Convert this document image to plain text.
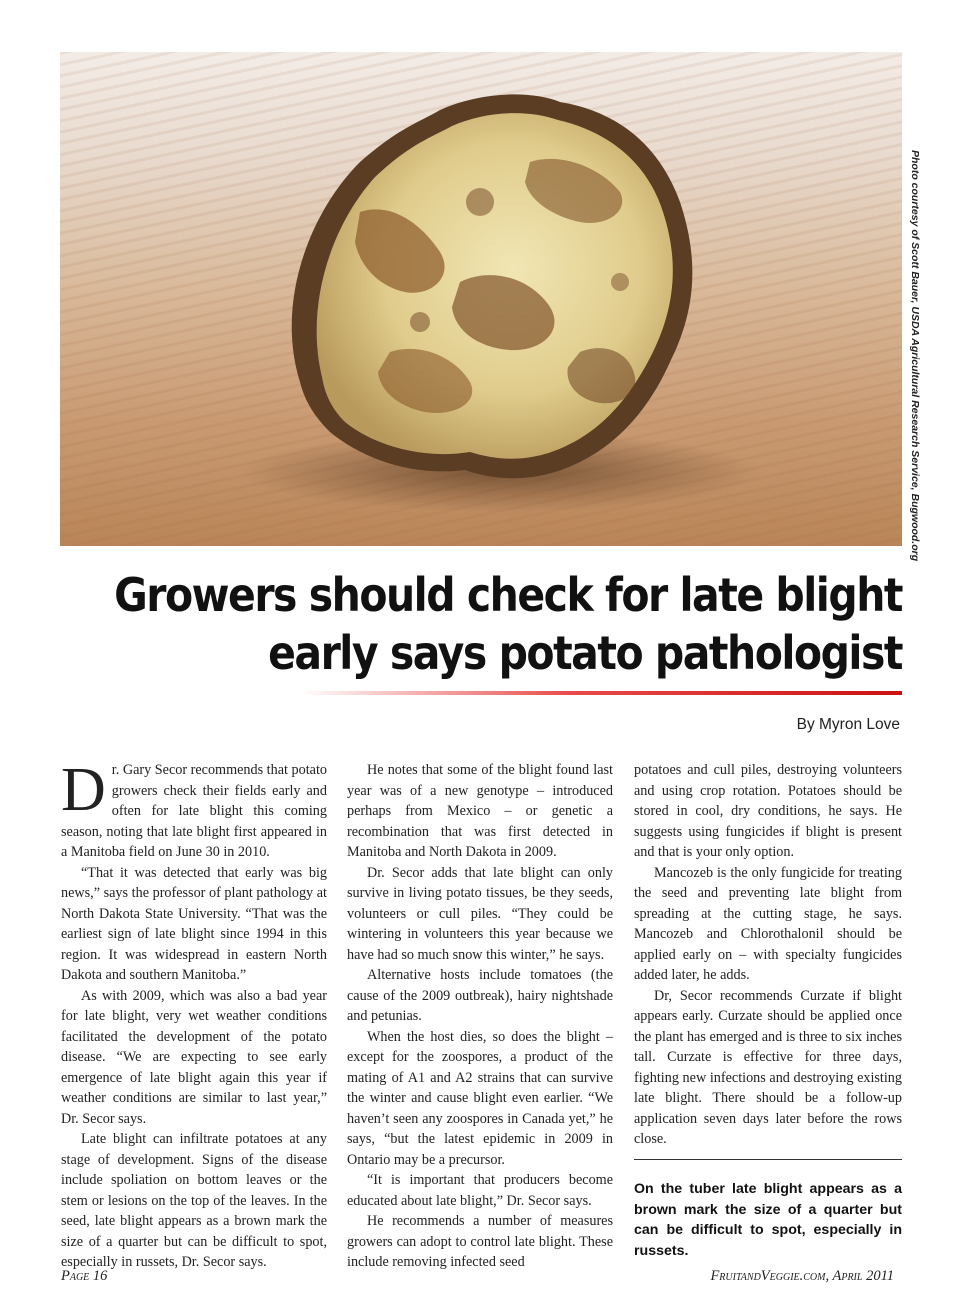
Photo courtesy of Scott Bauer, USDA Agricultural Research Service, Bugwood.org
Growers should check for late blight
early says potato pathologist
By Myron Love

Dr. Gary Secor recommends that potato growers check their fields early and often for late blight this coming season, noting that late blight first appeared in a Manitoba field on June 30 in 2010.

“That it was detected that early was big news,” says the professor of plant pathology at North Dakota State University. “That was the earliest sign of late blight since 1994 in this region. It was widespread in eastern North Dakota and southern Manitoba.”

As with 2009, which was also a bad year for late blight, very wet weather conditions facilitated the development of the potato disease. “We are expecting to see early emergence of late blight again this year if weather conditions are similar to last year,” Dr. Secor says.

Late blight can infiltrate potatoes at any stage of development. Signs of the disease include spoliation on bottom leaves or the stem or lesions on the top of the leaves. In the seed, late blight appears as a brown mark the size of a quarter but can be difficult to spot, especially in russets, Dr. Secor says.

He notes that some of the blight found last year was of a new genotype – introduced perhaps from Mexico – or genetic a recombination that was first detected in Manitoba and North Dakota in 2009.

Dr. Secor adds that late blight can only survive in living potato tissues, be they seeds, volunteers or cull piles. “They could be wintering in volunteers this year because we have had so much snow this winter,” he says.

Alternative hosts include tomatoes (the cause of the 2009 outbreak), hairy nightshade and petunias.

When the host dies, so does the blight – except for the zoospores, a product of the mating of A1 and A2 strains that can survive the winter and cause blight even earlier. “We haven’t seen any zoospores in Canada yet,” he says, “but the latest epidemic in 2009 in Ontario may be a precursor.

“It is important that producers become educated about late blight,” Dr. Secor says.

He recommends a number of measures growers can adopt to control late blight. These include removing infected seed

potatoes and cull piles, destroying volunteers and using crop rotation. Potatoes should be stored in cool, dry conditions, he says. He suggests using fungicides if blight is present and that is your only option.

Mancozeb is the only fungicide for treating the seed and preventing late blight from spreading at the cutting stage, he says. Mancozeb and Chlorothalonil should be applied early on – with specialty fungicides added later, he adds.

Dr, Secor recommends Curzate if blight appears early. Curzate should be applied once the plant has emerged and is three to six inches tall. Curzate is effective for three days, fighting new infections and destroying existing late blight. There should be a follow-up application seven days later before the rows close.

On the tuber late blight appears as a brown mark the size of a quarter but can be difficult to spot, especially in russets.
Page 16	FruitandVeggie.com, April 2011
